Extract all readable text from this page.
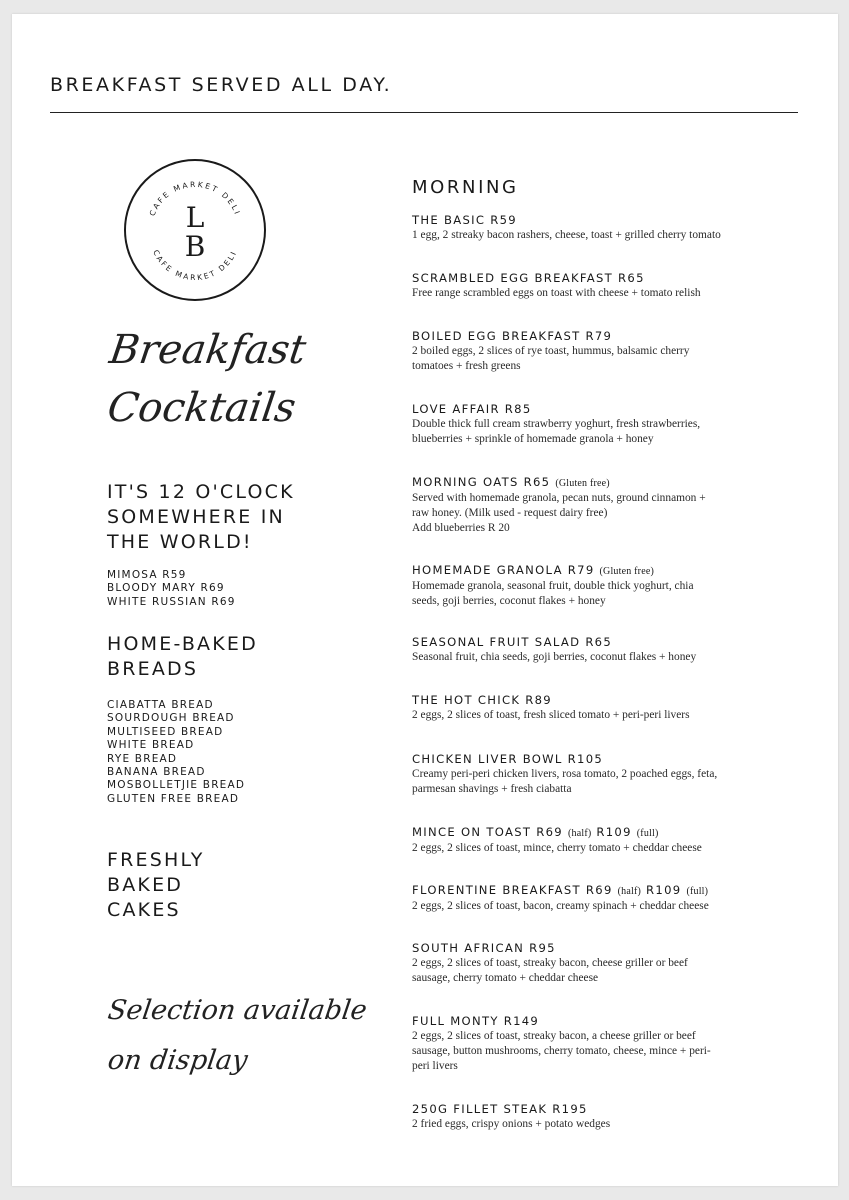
BREAKFAST SERVED ALL DAY.
CAFE MARKET DELI
CAFE MARKET DELI
L
B
Breakfast
Cocktails
IT'S 12 O'CLOCK
SOMEWHERE IN
THE WORLD!
MIMOSA R59
BLOODY MARY R69
WHITE RUSSIAN R69
HOME-BAKED
BREADS
CIABATTA BREAD
SOURDOUGH BREAD
MULTISEED BREAD
WHITE BREAD
RYE BREAD
BANANA BREAD
MOSBOLLETJIE BREAD
GLUTEN FREE BREAD
FRESHLY
BAKED
CAKES
Selection available
on display
MORNING
THE BASIC R59
1 egg, 2 streaky bacon rashers, cheese, toast + grilled cherry tomato
SCRAMBLED EGG BREAKFAST R65
Free range scrambled eggs on toast with cheese + tomato relish
BOILED EGG BREAKFAST R79
2 boiled eggs, 2 slices of rye toast, hummus, balsamic cherry
tomatoes + fresh greens
LOVE AFFAIR R85
Double thick full cream strawberry yoghurt, fresh strawberries,
blueberries + sprinkle of homemade granola + honey
MORNING OATS R65 (Gluten free)
Served with homemade granola, pecan nuts, ground cinnamon +
raw honey. (Milk used - request dairy free)
Add blueberries R 20
HOMEMADE GRANOLA R79 (Gluten free)
Homemade granola, seasonal fruit, double thick yoghurt, chia
seeds, goji berries, coconut flakes + honey
SEASONAL FRUIT SALAD R65
Seasonal fruit, chia seeds, goji berries, coconut flakes + honey
THE HOT CHICK R89
2 eggs, 2 slices of toast, fresh sliced tomato + peri-peri livers
CHICKEN LIVER BOWL R105
Creamy peri-peri chicken livers, rosa tomato, 2 poached eggs, feta,
parmesan shavings + fresh ciabatta
MINCE ON TOAST R69 (half) R109 (full)
2 eggs, 2 slices of toast, mince, cherry tomato + cheddar cheese
FLORENTINE BREAKFAST R69 (half) R109 (full)
2 eggs, 2 slices of toast, bacon, creamy spinach + cheddar cheese
SOUTH AFRICAN R95
2 eggs, 2 slices of toast, streaky bacon, cheese griller or beef
sausage, cherry tomato + cheddar cheese
FULL MONTY R149
2 eggs, 2 slices of toast, streaky bacon, a cheese griller or beef
sausage, button mushrooms, cherry tomato, cheese, mince + peri-
peri livers
250G FILLET STEAK R195
2 fried eggs, crispy onions + potato wedges
